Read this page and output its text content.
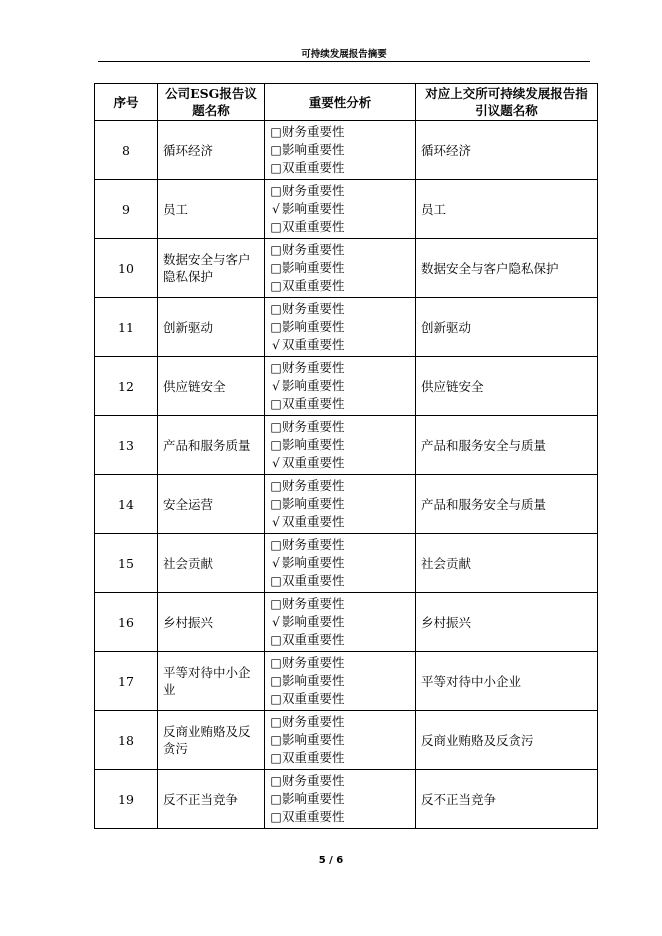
可持续发展报告摘要
序号	公司ESG报告议题名称	重要性分析	对应上交所可持续发展报告指引议题名称
8	循环经济	□财务重要性
□影响重要性
□双重重要性	循环经济
9	员工	□财务重要性
√ 影响重要性
□双重重要性	员工
10	数据安全与客户隐私保护	□财务重要性
□影响重要性
□双重重要性	数据安全与客户隐私保护
11	创新驱动	□财务重要性
□影响重要性
√ 双重重要性	创新驱动
12	供应链安全	□财务重要性
√ 影响重要性
□双重重要性	供应链安全
13	产品和服务质量	□财务重要性
□影响重要性
√ 双重重要性	产品和服务安全与质量
14	安全运营	□财务重要性
□影响重要性
√ 双重重要性	产品和服务安全与质量
15	社会贡献	□财务重要性
√ 影响重要性
□双重重要性	社会贡献
16	乡村振兴	□财务重要性
√ 影响重要性
□双重重要性	乡村振兴
17	平等对待中小企业	□财务重要性
□影响重要性
□双重重要性	平等对待中小企业
18	反商业贿赂及反贪污	□财务重要性
□影响重要性
□双重重要性	反商业贿赂及反贪污
19	反不正当竞争	□财务重要性
□影响重要性
□双重重要性	反不正当竞争
5 / 6
